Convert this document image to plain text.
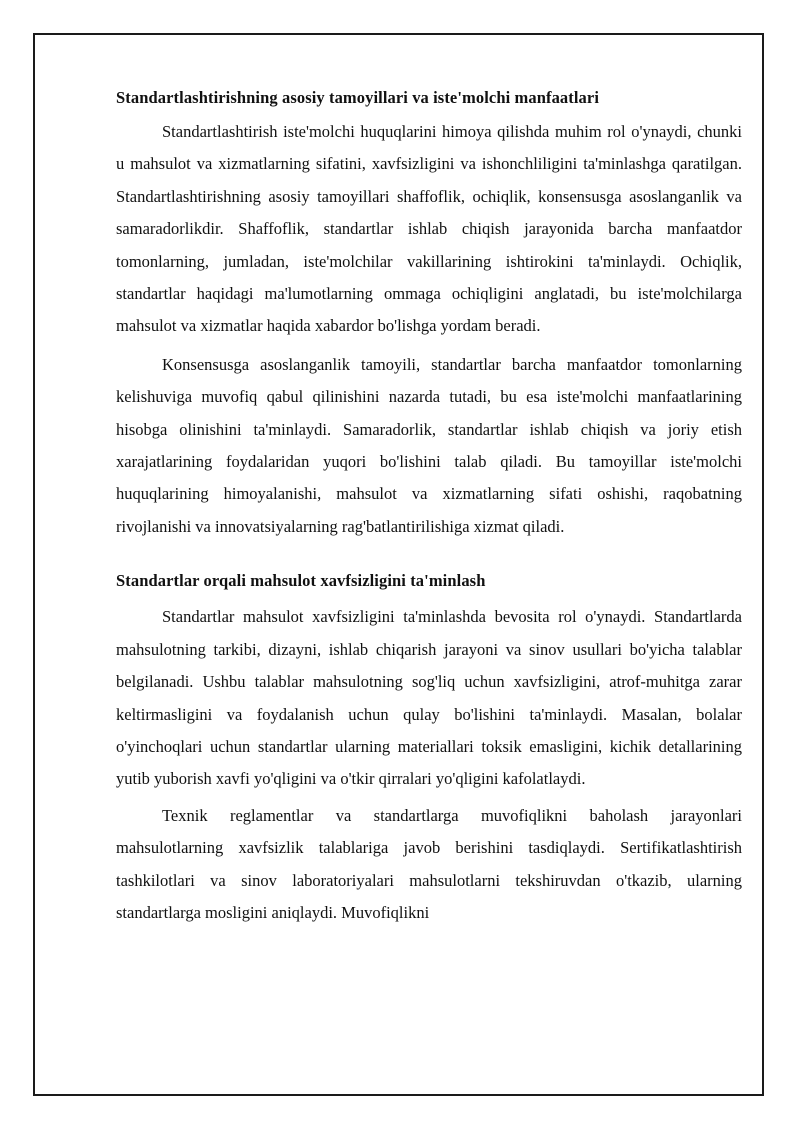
Standartlashtirishning asosiy tamoyillari va iste'molchi manfaatlari

Standartlashtirish iste'molchi huquqlarini himoya qilishda muhim rol o'ynaydi, chunki u mahsulot va xizmatlarning sifatini, xavfsizligini va ishonchliligini ta'minlashga qaratilgan. Standartlashtirishning asosiy tamoyillari shaffoflik, ochiqlik, konsensusga asoslanganlik va samaradorlikdir. Shaffoflik, standartlar ishlab chiqish jarayonida barcha manfaatdor tomonlarning, jumladan, iste'molchilar vakillarining ishtirokini ta'minlaydi. Ochiqlik, standartlar haqidagi ma'lumotlarning ommaga ochiqligini anglatadi, bu iste'molchilarga mahsulot va xizmatlar haqida xabardor bo'lishga yordam beradi.

Konsensusga asoslanganlik tamoyili, standartlar barcha manfaatdor tomonlarning kelishuviga muvofiq qabul qilinishini nazarda tutadi, bu esa iste'molchi manfaatlarining hisobga olinishini ta'minlaydi. Samaradorlik, standartlar ishlab chiqish va joriy etish xarajatlarining foydalaridan yuqori bo'lishini talab qiladi. Bu tamoyillar iste'molchi huquqlarining himoyalanishi, mahsulot va xizmatlarning sifati oshishi, raqobatning rivojlanishi va innovatsiyalarning rag'batlantirilishiga xizmat qiladi.

Standartlar orqali mahsulot xavfsizligini ta'minlash

Standartlar mahsulot xavfsizligini ta'minlashda bevosita rol o'ynaydi. Standartlarda mahsulotning tarkibi, dizayni, ishlab chiqarish jarayoni va sinov usullari bo'yicha talablar belgilanadi. Ushbu talablar mahsulotning sog'liq uchun xavfsizligini, atrof-muhitga zarar keltirmasligini va foydalanish uchun qulay bo'lishini ta'minlaydi. Masalan, bolalar o'yinchoqlari uchun standartlar ularning materiallari toksik emasligini, kichik detallarining yutib yuborish xavfi yo'qligini va o'tkir qirralari yo'qligini kafolatlaydi.

Texnik reglamentlar va standartlarga muvofiqlikni baholash jarayonlari mahsulotlarning xavfsizlik talablariga javob berishini tasdiqlaydi. Sertifikatlashtirish tashkilotlari va sinov laboratoriyalari mahsulotlarni tekshiruvdan o'tkazib, ularning standartlarga mosligini aniqlaydi. Muvofiqlikni
